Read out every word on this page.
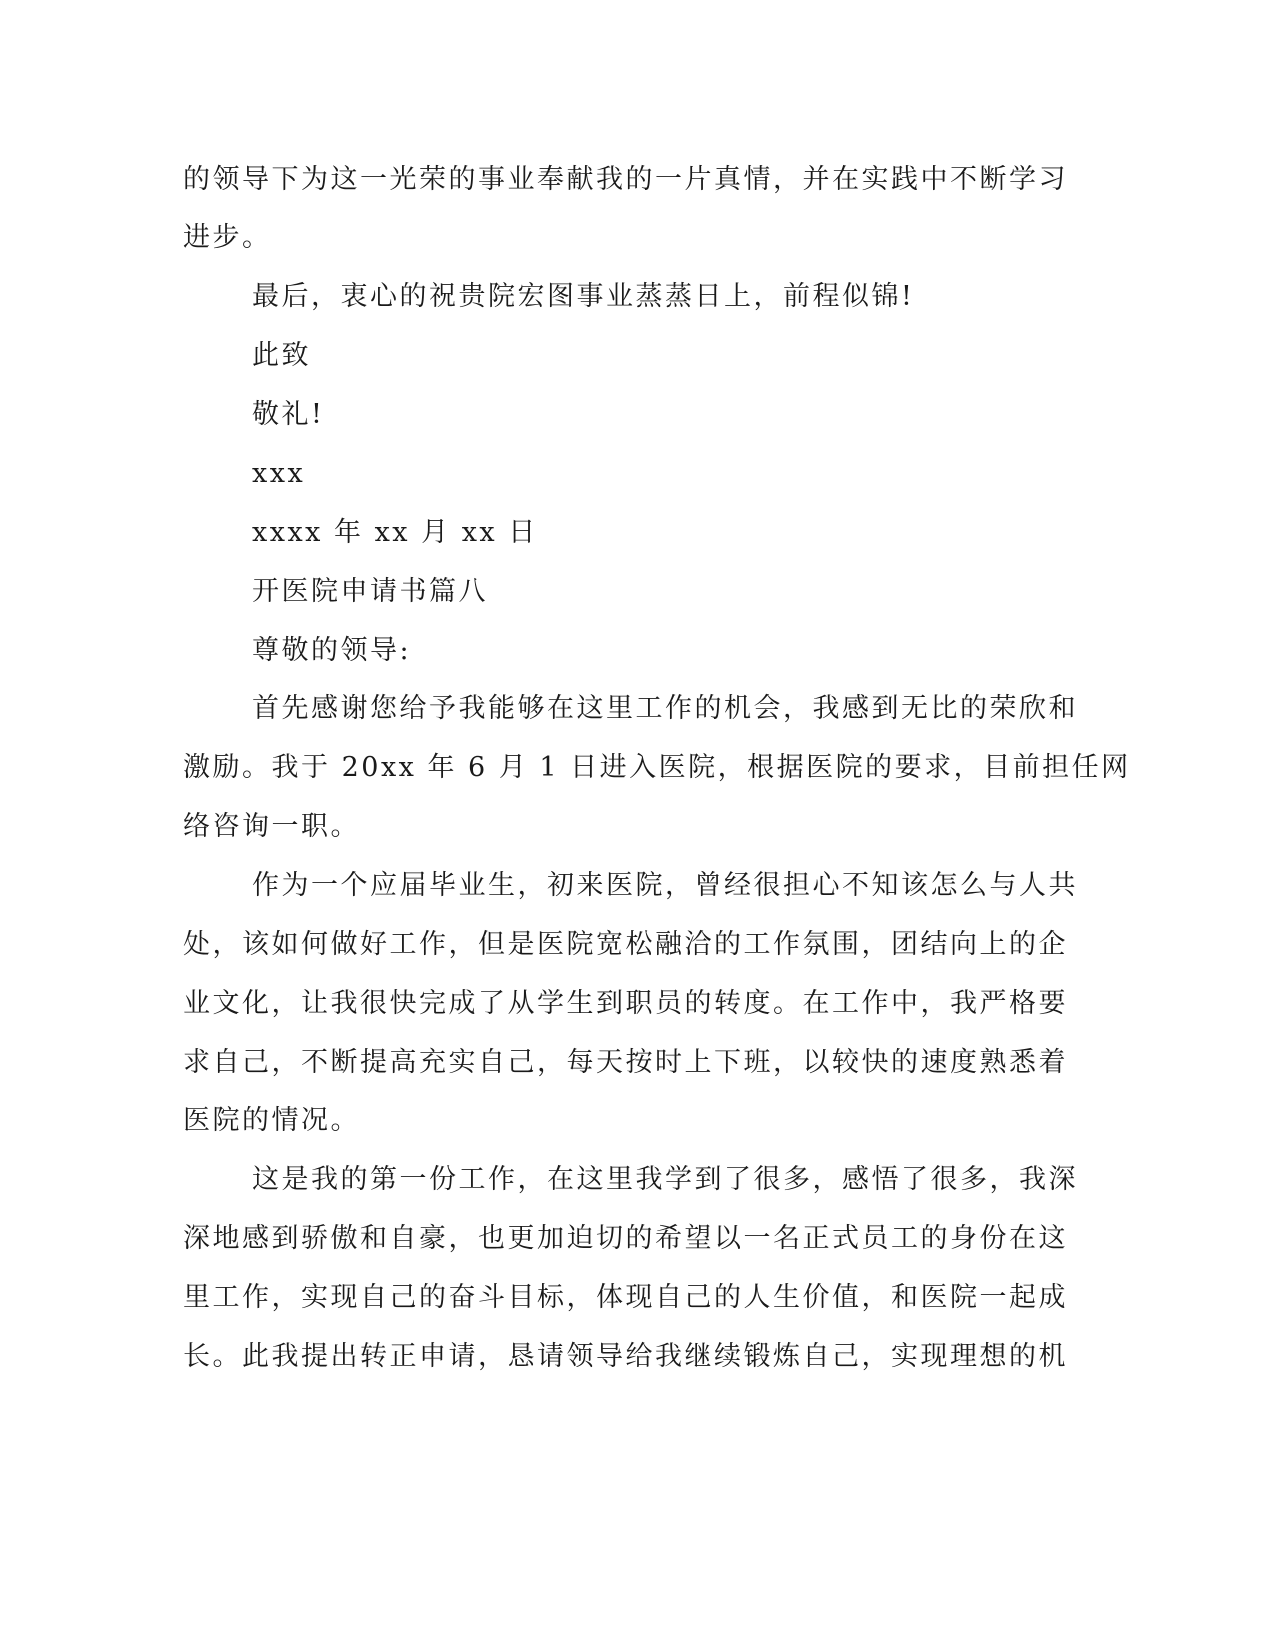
的领导下为这一光荣的事业奉献我的一片真情，并在实践中不断学习
进步。
最后，衷心的祝贵院宏图事业蒸蒸日上，前程似锦!
此致
敬礼!
xxx
xxxx 年 xx 月 xx 日
开医院申请书篇八
尊敬的领导:
首先感谢您给予我能够在这里工作的机会，我感到无比的荣欣和
激励。我于 20xx 年 6 月 1 日进入医院，根据医院的要求，目前担任网
络咨询一职。
作为一个应届毕业生，初来医院，曾经很担心不知该怎么与人共
处，该如何做好工作，但是医院宽松融洽的工作氛围，团结向上的企
业文化，让我很快完成了从学生到职员的转度。在工作中，我严格要
求自己，不断提高充实自己，每天按时上下班，以较快的速度熟悉着
医院的情况。
这是我的第一份工作，在这里我学到了很多，感悟了很多，我深
深地感到骄傲和自豪，也更加迫切的希望以一名正式员工的身份在这
里工作，实现自己的奋斗目标，体现自己的人生价值，和医院一起成
长。此我提出转正申请，恳请领导给我继续锻炼自己，实现理想的机
